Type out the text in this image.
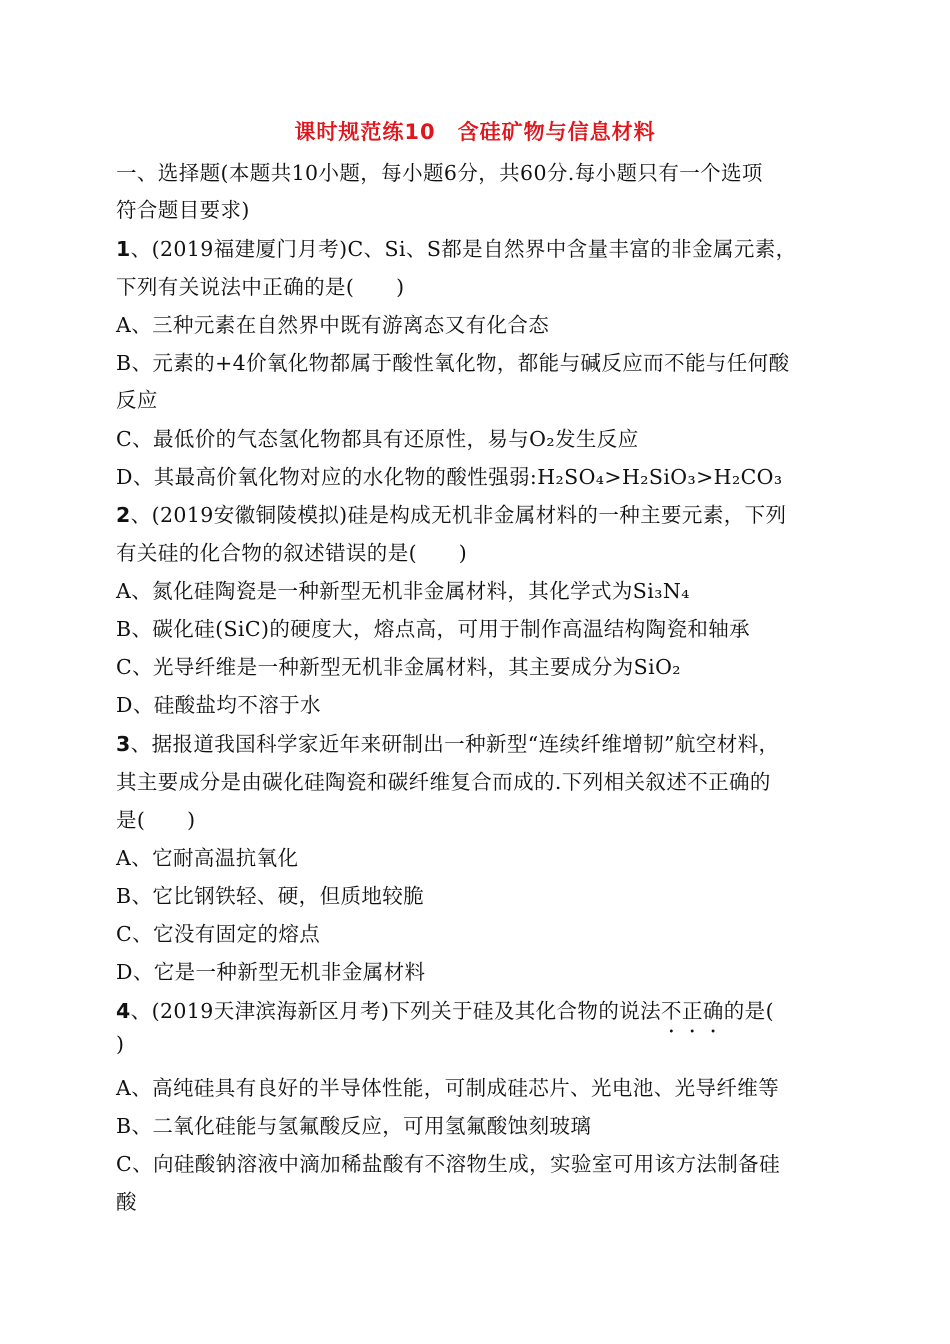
课时规范练10　含硅矿物与信息材料
一、选择题(本题共10小题，每小题6分，共60分.每小题只有一个选项
符合题目要求)
1、(2019福建厦门月考)C、Si、S都是自然界中含量丰富的非金属元素，
下列有关说法中正确的是(　　)
A、三种元素在自然界中既有游离态又有化合态
B、元素的+4价氧化物都属于酸性氧化物，都能与碱反应而不能与任何酸
反应
C、最低价的气态氢化物都具有还原性，易与O₂发生反应
D、其最高价氧化物对应的水化物的酸性强弱:H₂SO₄>H₂SiO₃>H₂CO₃
2、(2019安徽铜陵模拟)硅是构成无机非金属材料的一种主要元素，下列
有关硅的化合物的叙述错误的是(　　)
A、氮化硅陶瓷是一种新型无机非金属材料，其化学式为Si₃N₄
B、碳化硅(SiC)的硬度大，熔点高，可用于制作高温结构陶瓷和轴承
C、光导纤维是一种新型无机非金属材料，其主要成分为SiO₂
D、硅酸盐均不溶于水
3、据报道我国科学家近年来研制出一种新型“连续纤维增韧”航空材料，
其主要成分是由碳化硅陶瓷和碳纤维复合而成的.下列相关叙述不正确的
是(　　)
A、它耐高温抗氧化
B、它比钢铁轻、硬，但质地较脆
C、它没有固定的熔点
D、它是一种新型无机非金属材料
4、(2019天津滨海新区月考)下列关于硅及其化合物的说法不正确的是(
)
A、高纯硅具有良好的半导体性能，可制成硅芯片、光电池、光导纤维等
B、二氧化硅能与氢氟酸反应，可用氢氟酸蚀刻玻璃
C、向硅酸钠溶液中滴加稀盐酸有不溶物生成，实验室可用该方法制备硅
酸
